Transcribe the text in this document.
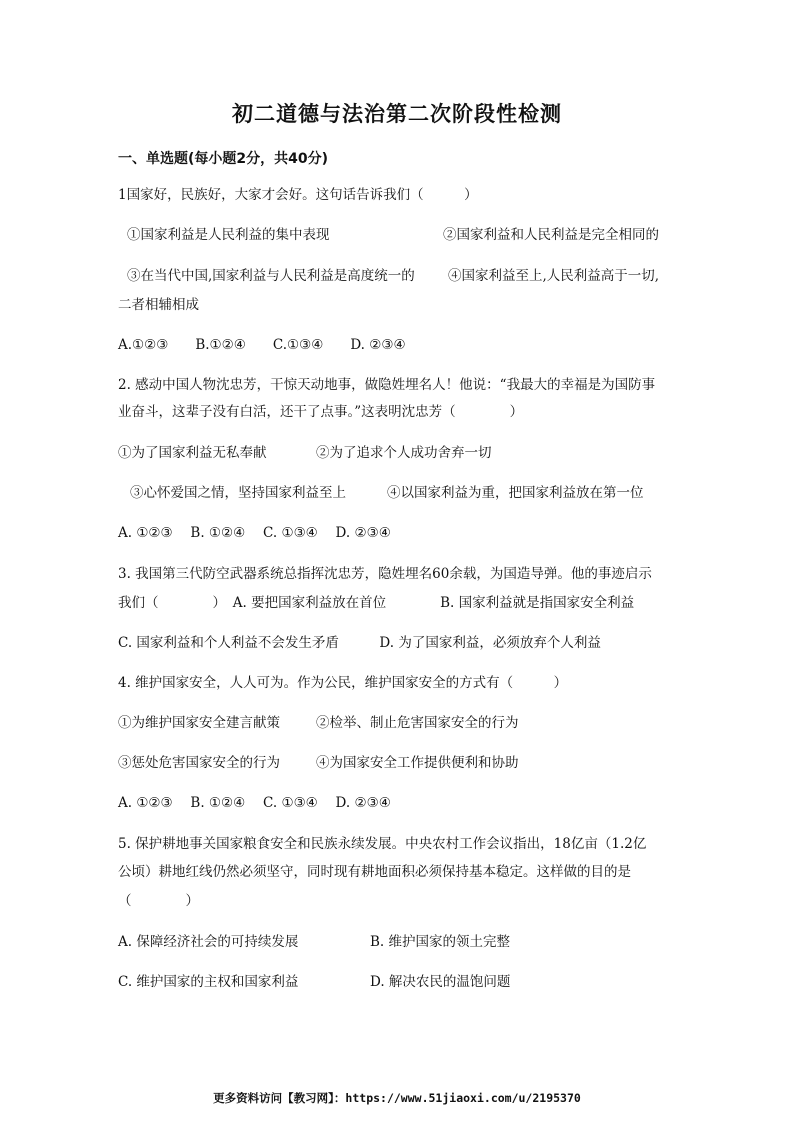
初二道德与法治第二次阶段性检测
一、单选题(每小题2分，共40分)
1国家好，民族好，大家才会好。这句话告诉我们（　　　）
①国家利益是人民利益的集中表现	②国家利益和人民利益是完全相同的
③在当代中国,国家利益与人民利益是高度统一的 ④国家利益至上,人民利益高于一切,
二者相辅相成
A.①②③　　B.①②④　　C.①③④　　D. ②③④
2. 感动中国人物沈忠芳，干惊天动地事，做隐姓埋名人！他说：“我最大的幸福是为国防事
业奋斗，这辈子没有白活，还干了点事。”这表明沈忠芳（　　　　）
①为了国家利益无私奉献	②为了追求个人成功舍弃一切
③心怀爱国之情，坚持国家利益至上	④以国家利益为重，把国家利益放在第一位
A. ①②③　 B. ①②④　 C. ①③④　 D. ②③④
3. 我国第三代防空武器系统总指挥沈忠芳，隐姓埋名60余载，为国造导弹。他的事迹启示
我们（　　　　）　A. 要把国家利益放在首位　　　　B. 国家利益就是指国家安全利益
C. 国家利益和个人利益不会发生矛盾　　　D. 为了国家利益，必须放弃个人利益
4. 维护国家安全，人人可为。作为公民，维护国家安全的方式有（　　　）
①为维护国家安全建言献策	②检举、制止危害国家安全的行为
③惩处危害国家安全的行为	④为国家安全工作提供便利和协助
A. ①②③　 B. ①②④　 C. ①③④　 D. ②③④
5. 保护耕地事关国家粮食安全和民族永续发展。中央农村工作会议指出，18亿亩（1.2亿
公顷）耕地红线仍然必须坚守，同时现有耕地面积必须保持基本稳定。这样做的目的是
（　　　　）
A. 保障经济社会的可持续发展	B. 维护国家的领土完整
C. 维护国家的主权和国家利益	D. 解决农民的温饱问题
更多资料访问【教习网】：https://www.51jiaoxi.com/u/2195370
